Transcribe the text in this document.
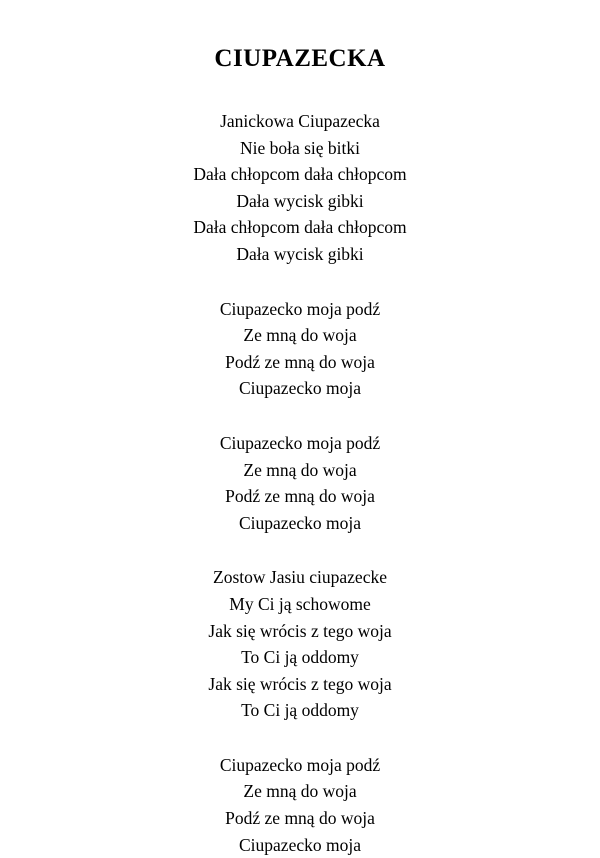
CIUPAZECKA
Janickowa Ciupazecka
Nie boła się bitki
Dała chłopcom dała chłopcom
Dała wycisk gibki
Dała chłopcom dała chłopcom
Dała wycisk gibki
Ciupazecko moja podź
Ze mną do woja
Podź ze mną do woja
Ciupazecko moja
Ciupazecko moja podź
Ze mną do woja
Podź ze mną do woja
Ciupazecko moja
Zostow Jasiu ciupazecke
My Ci ją schowome
Jak się wrócis z tego woja
To Ci ją oddomy
Jak się wrócis z tego woja
To Ci ją oddomy
Ciupazecko moja podź
Ze mną do woja
Podź ze mną do woja
Ciupazecko moja
